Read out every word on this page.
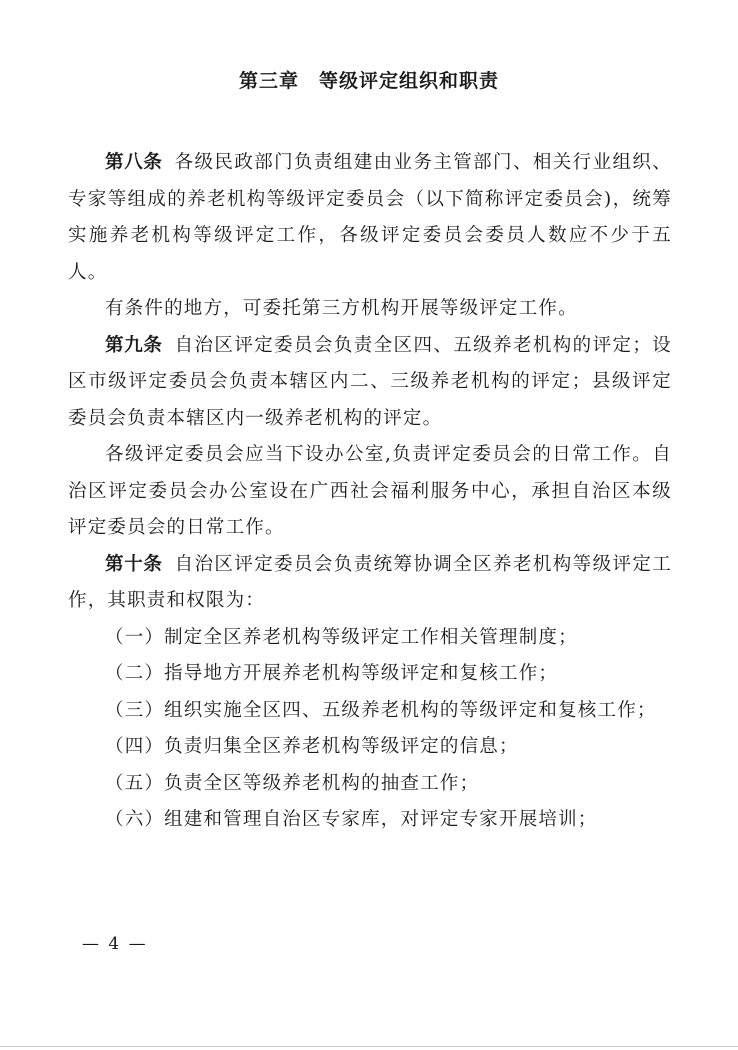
第三章　等级评定组织和职责

第八条 各级民政部门负责组建由业务主管部门、相关行业组织、专家等组成的养老机构等级评定委员会（以下简称评定委员会)，统筹实施养老机构等级评定工作，各级评定委员会委员人数应不少于五人。

有条件的地方，可委托第三方机构开展等级评定工作。

第九条 自治区评定委员会负责全区四、五级养老机构的评定；设区市级评定委员会负责本辖区内二、三级养老机构的评定；县级评定委员会负责本辖区内一级养老机构的评定。

各级评定委员会应当下设办公室,负责评定委员会的日常工作。自治区评定委员会办公室设在广西社会福利服务中心，承担自治区本级评定委员会的日常工作。

第十条 自治区评定委员会负责统筹协调全区养老机构等级评定工作，其职责和权限为：

（一）制定全区养老机构等级评定工作相关管理制度；

（二）指导地方开展养老机构等级评定和复核工作；

（三）组织实施全区四、五级养老机构的等级评定和复核工作；

（四）负责归集全区养老机构等级评定的信息；

（五）负责全区等级养老机构的抽查工作；

（六）组建和管理自治区专家库，对评定专家开展培训；

— 4 —
